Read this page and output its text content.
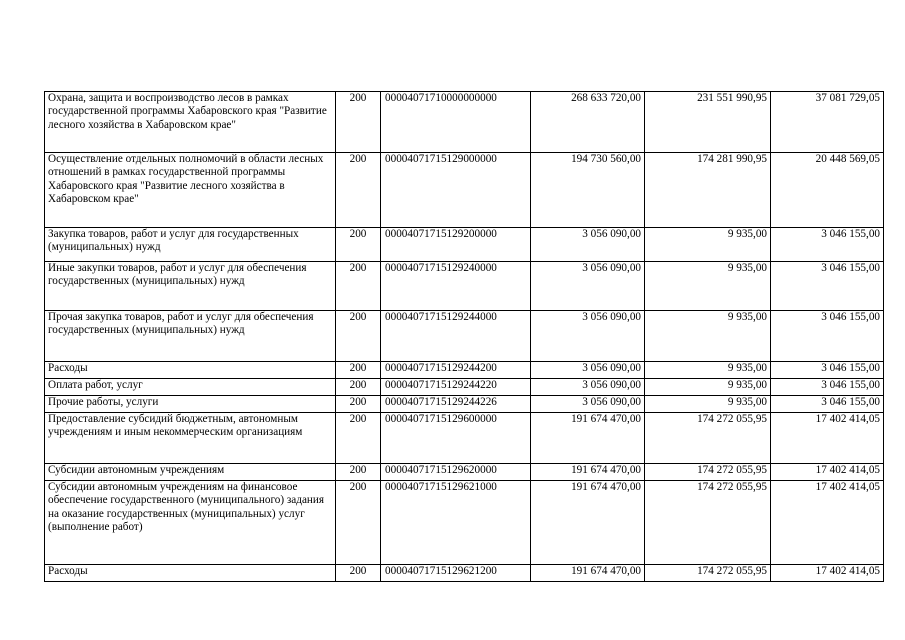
Охрана, защита и воспроизводство лесов в рамках государственной программы Хабаровского края "Развитие лесного хозяйства в Хабаровском крае"	200	00004071710000000000	268 633 720,00	231 551 990,95	37 081 729,05
Осуществление отдельных полномочий в области лесных отношений в рамках государственной программы Хабаровского края "Развитие лесного хозяйства в Хабаровском крае"	200	00004071715129000000	194 730 560,00	174 281 990,95	20 448 569,05
Закупка товаров, работ и услуг для государственных (муниципальных) нужд	200	00004071715129200000	3 056 090,00	9 935,00	3 046 155,00
Иные закупки товаров, работ и услуг для обеспечения государственных (муниципальных) нужд	200	00004071715129240000	3 056 090,00	9 935,00	3 046 155,00
Прочая закупка товаров, работ и услуг для обеспечения государственных (муниципальных) нужд	200	00004071715129244000	3 056 090,00	9 935,00	3 046 155,00
Расходы	200	00004071715129244200	3 056 090,00	9 935,00	3 046 155,00
Оплата работ, услуг	200	00004071715129244220	3 056 090,00	9 935,00	3 046 155,00
Прочие работы, услуги	200	00004071715129244226	3 056 090,00	9 935,00	3 046 155,00
Предоставление субсидий бюджетным, автономным учреждениям и иным некоммерческим организациям	200	00004071715129600000	191 674 470,00	174 272 055,95	17 402 414,05
Субсидии автономным учреждениям	200	00004071715129620000	191 674 470,00	174 272 055,95	17 402 414,05
Субсидии автономным учреждениям на финансовое обеспечение государственного (муниципального) задания на оказание государственных (муниципальных) услуг (выполнение работ)	200	00004071715129621000	191 674 470,00	174 272 055,95	17 402 414,05
Расходы	200	00004071715129621200	191 674 470,00	174 272 055,95	17 402 414,05
